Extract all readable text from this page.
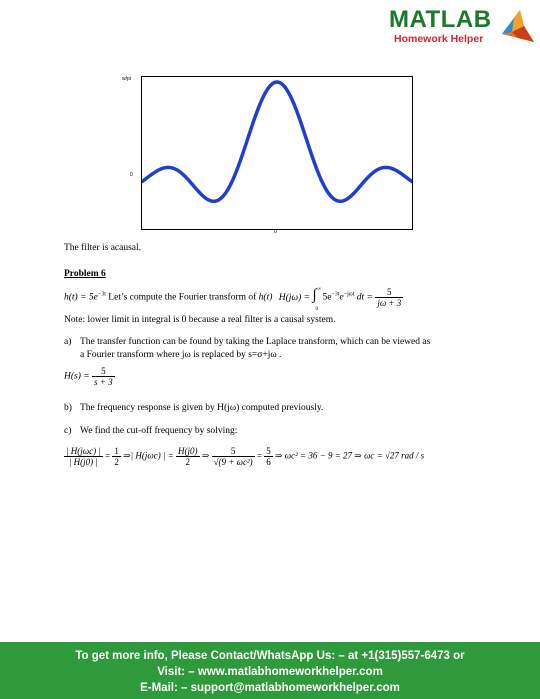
MATLAB
Homework Helper
w/pi
0
0
The filter is acausal.
Problem 6
$h(t) = 5e^{-3t}$ Let’s compute the Fourier transform of h(t) H(jω) = ∫ ∞
0
$5e^{-3t}e^{-j\omega t}$ dt = $\frac{5}{j\omega + 3}$
Note: lower limit in integral is 0 because a real filter is a causal system.
a) The transfer function can be found by taking the Laplace transform, which can be viewed as
a Fourier transform where jω is replaced by s=σ+jω .
$H(s) = \frac{5}{s + 3}$
b) The frequency response is given by H(jω) computed previously.
c) We find the cut-off frequency by solving:
$\frac{\text{| H(jωc) |}}{| H(j0) |} = \frac{1}{2}$ ⇒| H(jωc) | = $\frac{H(j0)}{2}$ ⇒ $\frac{5}{\text{√(9 + ωc²)}} = \frac{5}{6}$ ⇒ ωc² = 36 − 9 = 27 ⇒ ωc = √27 rad / s
To get more info, Please Contact/WhatsApp Us: – at +1(315)557-6473 or
Visit: – www.matlabhomeworkhelper.com
E-Mail: – support@matlabhomeworkhelper.com
